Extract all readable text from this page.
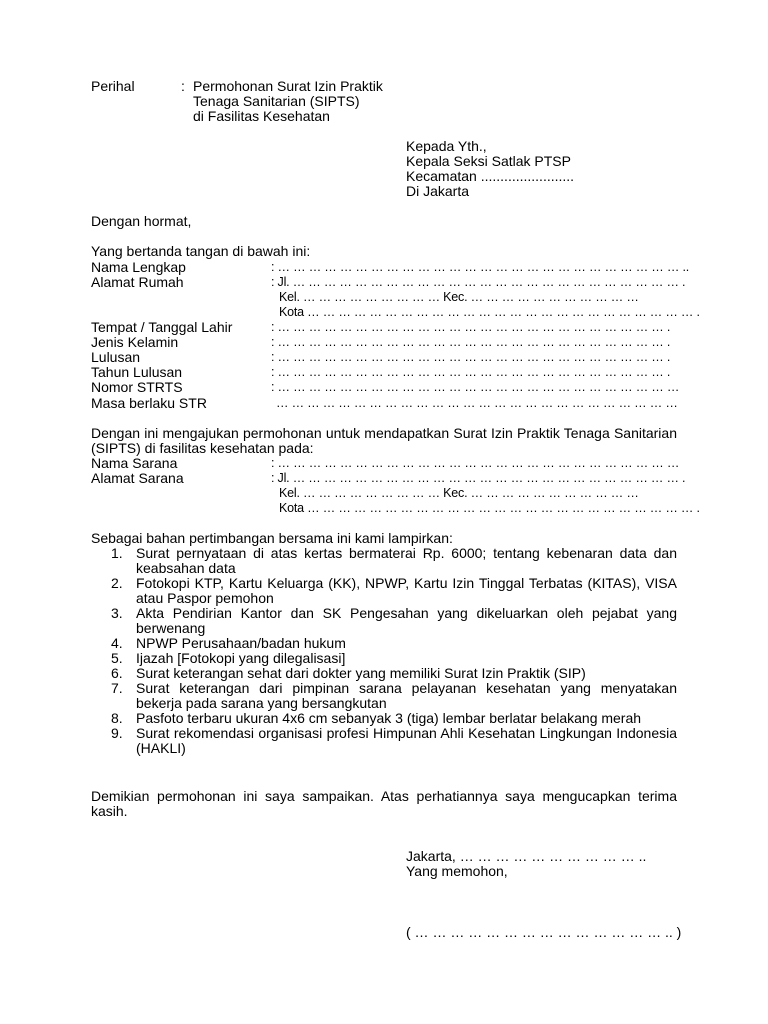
Perihal	: Permohonan Surat Izin Praktik
Tenaga Sanitarian (SIPTS)
di Fasilitas Kesehatan
Kepada Yth.,
Kepala Seksi Satlak PTSP
Kecamatan ........................
Di Jakarta
Dengan hormat,
Yang bertanda tangan di bawah ini:
Nama Lengkap	: … … … … … … … … … … … … … … … … … … … … … … … … … … ..
Alamat Rumah	: Jl. … … … … … … … … … … … … … … … … … … … … … … … … … .
Kel. … … … … … … … … … Kec. … … … … … … … … … … …
Kota … … … … … … … … … … … … … … … … … … … … … … … … … .
Tempat / Tanggal Lahir	: … … … … … … … … … … … … … … … … … … … … … … … … … .
Jenis Kelamin	: … … … … … … … … … … … … … … … … … … … … … … … … … .
Lulusan	: … … … … … … … … … … … … … … … … … … … … … … … … … .
Tahun Lulusan	: … … … … … … … … … … … … … … … … … … … … … … … … … .
Nomor STRTS	: … … … … … … … … … … … … … … … … … … … … … … … … … …
Masa berlaku STR	… … … … … … … … … … … … … … … … … … … … … … … … … …
Dengan ini mengajukan permohonan untuk mendapatkan Surat Izin Praktik Tenaga Sanitarian (SIPTS) di fasilitas kesehatan pada:
Nama Sarana	: … … … … … … … … … … … … … … … … … … … … … … … … … …
Alamat Sarana	: Jl. … … … … … … … … … … … … … … … … … … … … … … … … … .
Kel. … … … … … … … … … Kec. … … … … … … … … … … …
Kota … … … … … … … … … … … … … … … … … … … … … … … … … .
Sebagai bahan pertimbangan bersama ini kami lampirkan:
1. Surat pernyataan di atas kertas bermaterai Rp. 6000; tentang kebenaran data dan keabsahan data
2. Fotokopi KTP, Kartu Keluarga (KK), NPWP, Kartu Izin Tinggal Terbatas (KITAS), VISA atau Paspor pemohon
3. Akta Pendirian Kantor dan SK Pengesahan yang dikeluarkan oleh pejabat yang berwenang
4. NPWP Perusahaan/badan hukum
5. Ijazah [Fotokopi yang dilegalisasi]
6. Surat keterangan sehat dari dokter yang memiliki Surat Izin Praktik (SIP)
7. Surat keterangan dari pimpinan sarana pelayanan kesehatan yang menyatakan bekerja pada sarana yang bersangkutan
8. Pasfoto terbaru ukuran 4x6 cm sebanyak 3 (tiga) lembar berlatar belakang merah
9. Surat rekomendasi organisasi profesi Himpunan Ahli Kesehatan Lingkungan Indonesia (HAKLI)
Demikian permohonan ini saya sampaikan. Atas perhatiannya saya mengucapkan terima kasih.
Jakarta, … … … … … … … … … … ..
Yang memohon,
( … … … … … … … … … … … … … … .. )
